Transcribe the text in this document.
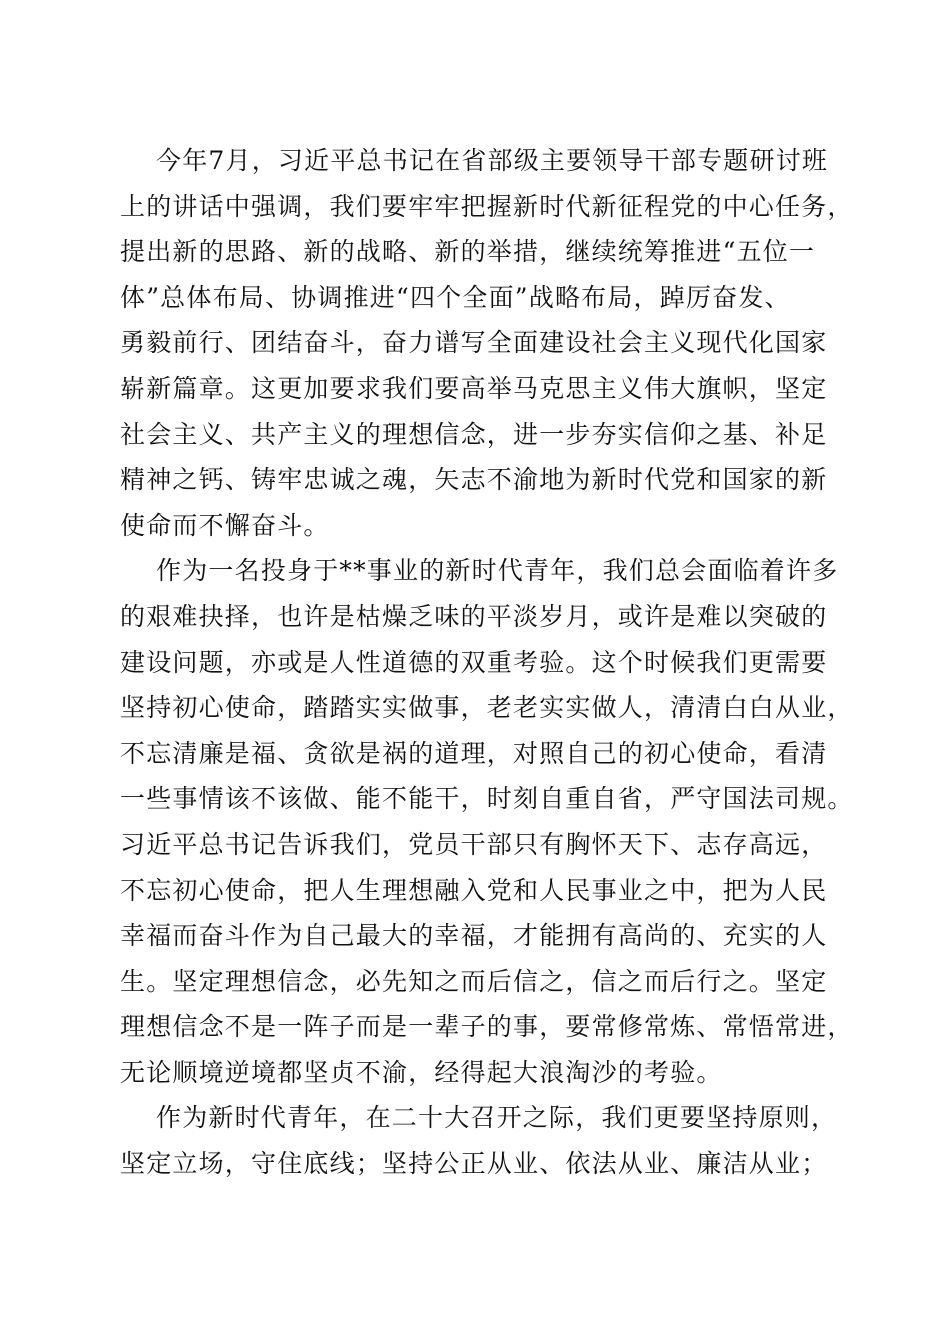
今年7月，习近平总书记在省部级主要领导干部专题研讨班
上的讲话中强调，我们要牢牢把握新时代新征程党的中心任务，
提出新的思路、新的战略、新的举措，继续统筹推进“五位一
体”总体布局、协调推进“四个全面”战略布局，踔厉奋发、
勇毅前行、团结奋斗，奋力谱写全面建设社会主义现代化国家
崭新篇章。这更加要求我们要高举马克思主义伟大旗帜，坚定
社会主义、共产主义的理想信念，进一步夯实信仰之基、补足
精神之钙、铸牢忠诚之魂，矢志不渝地为新时代党和国家的新
使命而不懈奋斗。
作为一名投身于**事业的新时代青年，我们总会面临着许多
的艰难抉择，也许是枯燥乏味的平淡岁月，或许是难以突破的
建设问题，亦或是人性道德的双重考验。这个时候我们更需要
坚持初心使命，踏踏实实做事，老老实实做人，清清白白从业，
不忘清廉是福、贪欲是祸的道理，对照自己的初心使命，看清
一些事情该不该做、能不能干，时刻自重自省，严守国法司规。
习近平总书记告诉我们，党员干部只有胸怀天下、志存高远，
不忘初心使命，把人生理想融入党和人民事业之中，把为人民
幸福而奋斗作为自己最大的幸福，才能拥有高尚的、充实的人
生。坚定理想信念，必先知之而后信之，信之而后行之。坚定
理想信念不是一阵子而是一辈子的事，要常修常炼、常悟常进，
无论顺境逆境都坚贞不渝，经得起大浪淘沙的考验。
作为新时代青年，在二十大召开之际，我们更要坚持原则，
坚定立场，守住底线；坚持公正从业、依法从业、廉洁从业；
